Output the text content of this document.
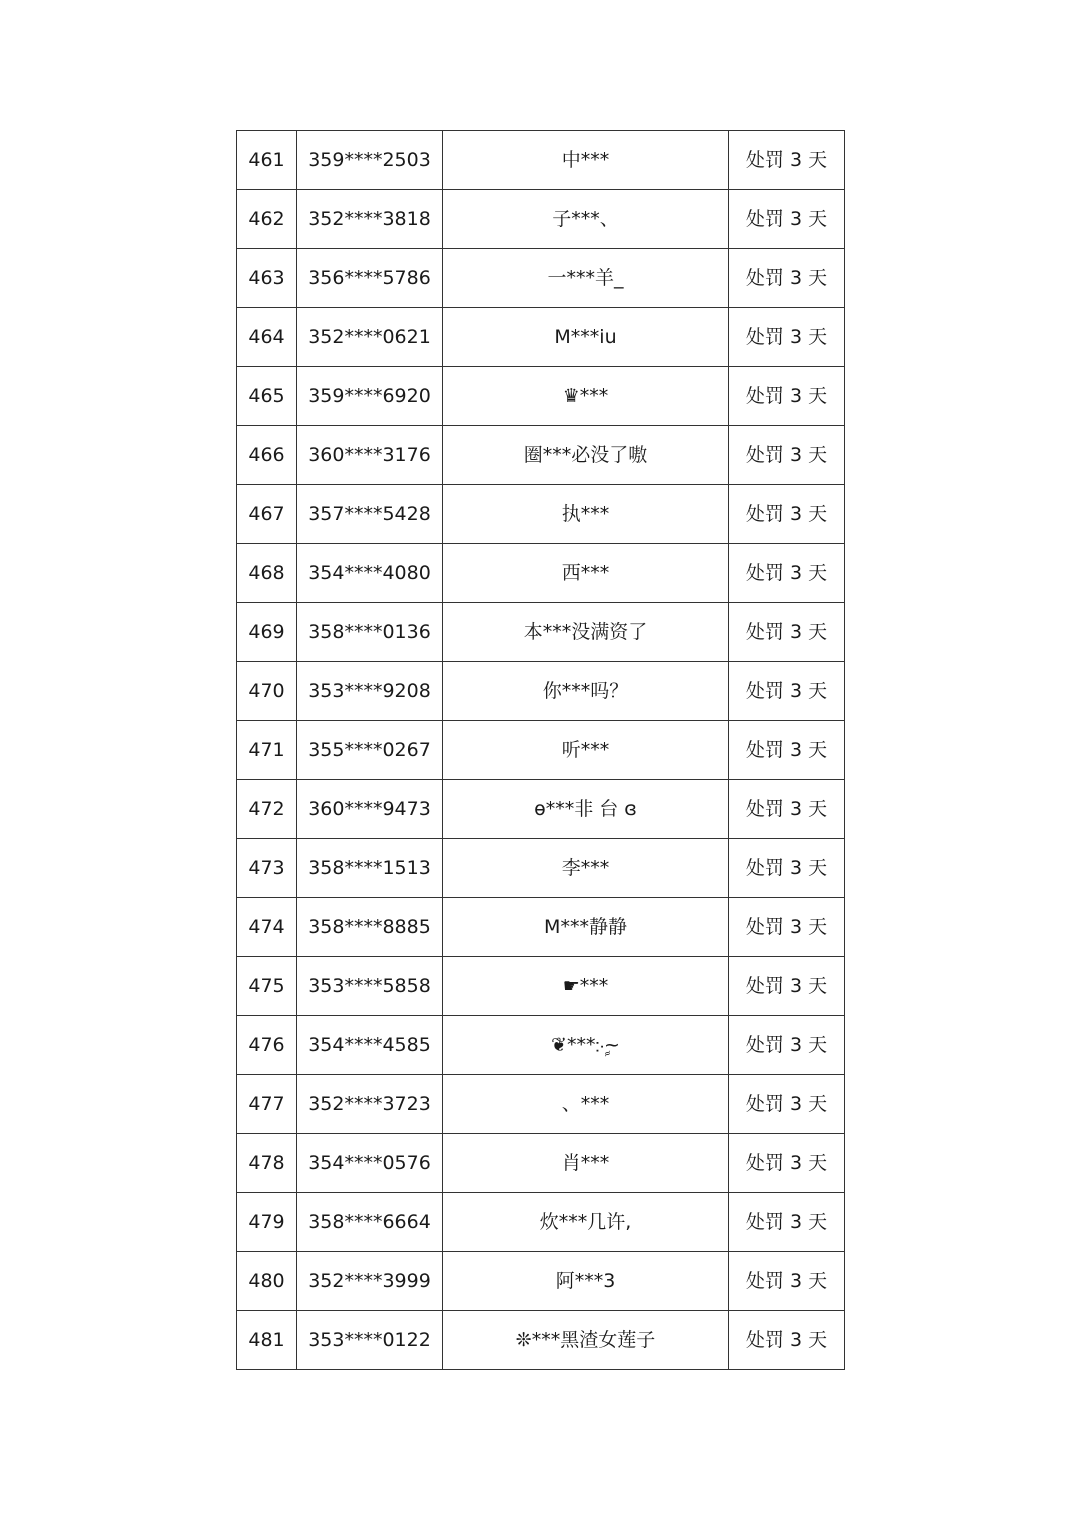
461	359****2503	中***	处罚 3 天
462	352****3818	子***、	处罚 3 天
463	356****5786	一***羊_	处罚 3 天
464	352****0621	M***iu	处罚 3 天
465	359****6920	♛***	处罚 3 天
466	360****3176	圈***必没了嗷	处罚 3 天
467	357****5428	执***	处罚 3 天
468	354****4080	西***	处罚 3 天
469	358****0136	本***没满资了	处罚 3 天
470	353****9208	你***吗？	处罚 3 天
471	355****0267	听***	处罚 3 天
472	360****9473	ɵ***非 台 ɞ	处罚 3 天
473	358****1513	李***	处罚 3 天
474	358****8885	M***静静	处罚 3 天
475	353****5858	☛***	处罚 3 天
476	354****4585	❦***჻ࣩ~	处罚 3 天
477	352****3723	、***	处罚 3 天
478	354****0576	肖***	处罚 3 天
479	358****6664	炊***几许,	处罚 3 天
480	352****3999	阿***3	处罚 3 天
481	353****0122	❊***黑渣女莲子	处罚 3 天
